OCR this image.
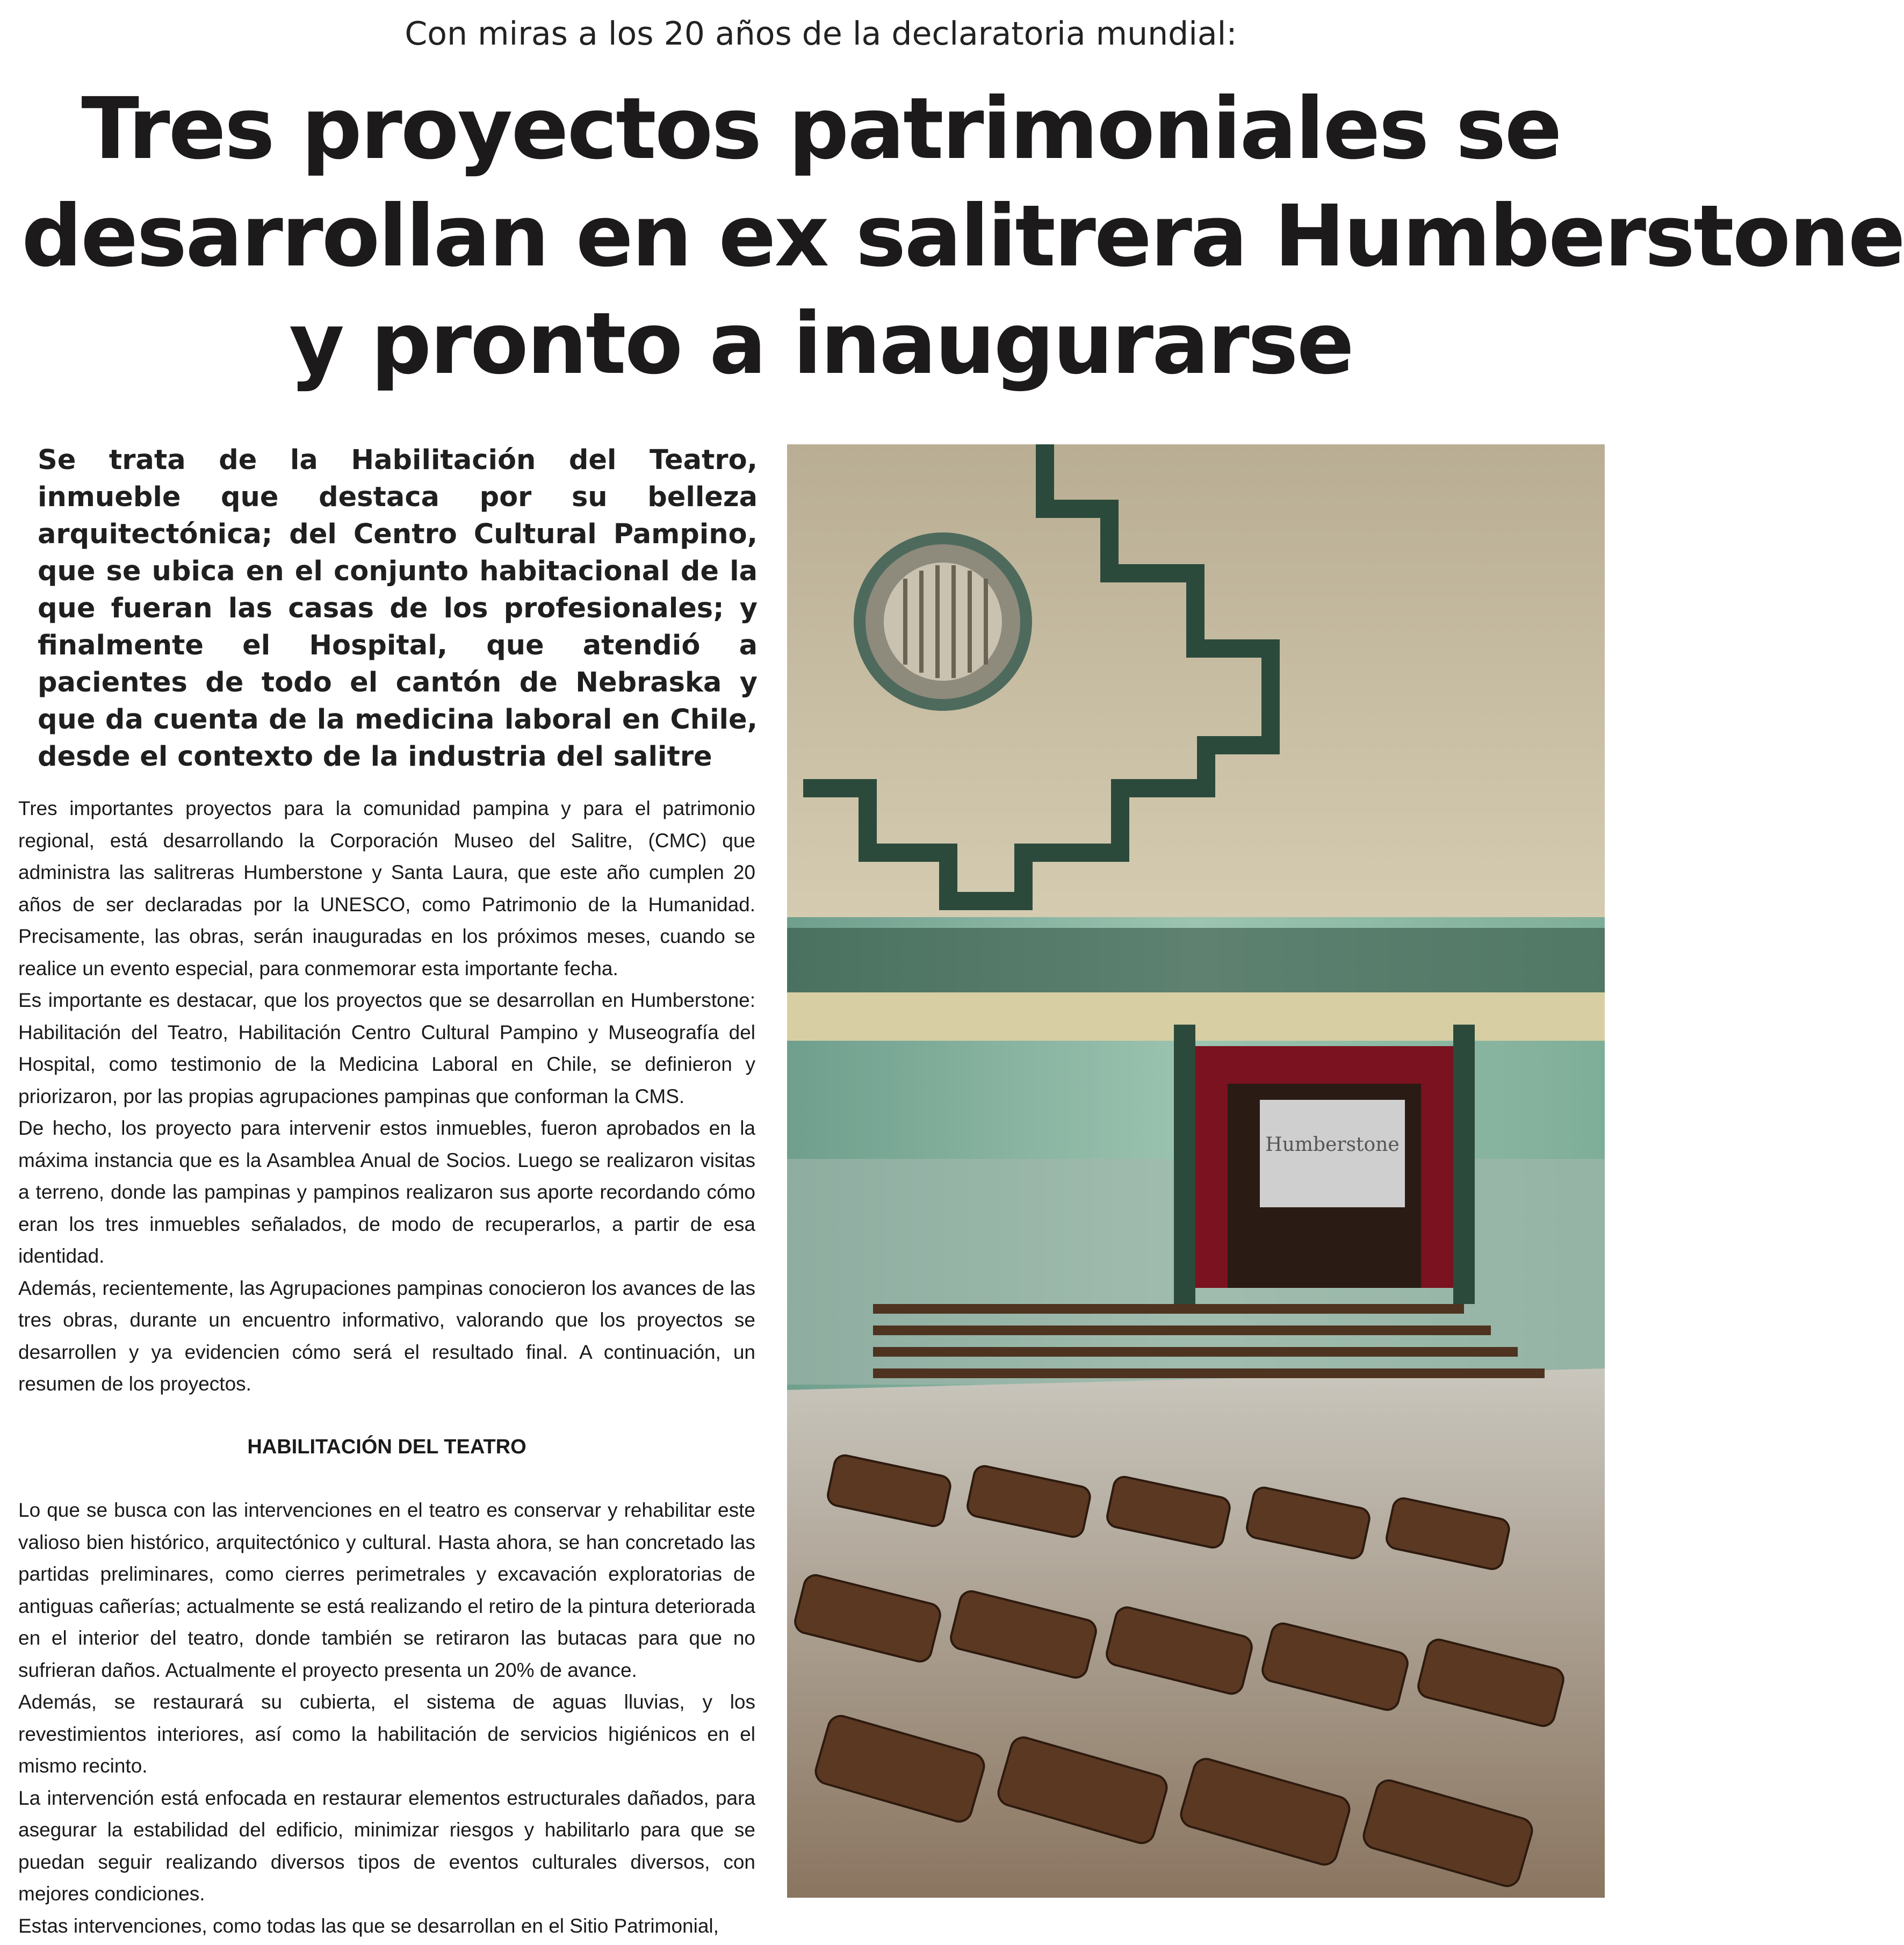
Con miras a los 20 años de la declaratoria mundial:
Tres proyectos patrimoniales se
desarrollan en ex salitrera Humberstone
y pronto a inaugurarse

Se trata de la Habilitación del Teatro, inmueble que destaca por su belleza arquitectónica; del Centro Cultural Pampino, que se ubica en el conjunto habitacional de la que fueran las casas de los profesionales; y finalmente el Hospital, que atendió a pacientes de todo el cantón de Nebraska y que da cuenta de la medicina laboral en Chile, desde el contexto de la industria del salitre

Tres importantes proyectos para la comunidad pampina y para el patrimonio regional, está desarrollando la Corporación Museo del Salitre, (CMC) que administra las salitreras Humberstone y Santa Laura, que este año cumplen 20 años de ser declaradas por la UNESCO, como Patrimonio de la Humanidad. Precisamente, las obras, serán inauguradas en los próximos meses, cuando se realice un evento especial, para conmemorar esta importante fecha.

Es importante es destacar, que los proyectos que se desarrollan en Humberstone: Habilitación del Teatro, Habilitación Centro Cultural Pampino y Museografía del Hospital, como testimonio de la Medicina Laboral en Chile, se definieron y priorizaron, por las propias agrupaciones pampinas que conforman la CMS.

De hecho, los proyecto para intervenir estos inmuebles, fueron aprobados en la máxima instancia que es la Asamblea Anual de Socios. Luego se realizaron visitas a terreno, donde las pampinas y pampinos realizaron sus aporte recordando cómo eran los tres inmuebles señalados, de modo de recuperarlos, a partir de esa identidad.

Además, recientemente, las Agrupaciones pampinas conocieron los avances de las tres obras, durante un encuentro informativo, valorando que los proyectos se desarrollen y ya evidencien cómo será el resultado final. A continuación, un resumen de los proyectos.

HABILITACIÓN DEL TEATRO

Lo que se busca con las intervenciones en el teatro es conservar y rehabilitar este valioso bien histórico, arquitectónico y cultural. Hasta ahora, se han concretado las partidas preliminares, como cierres perimetrales y excavación exploratorias de antiguas cañerías; actualmente se está realizando el retiro de la pintura deteriorada en el interior del teatro, donde también se retiraron las butacas para que no sufrieran daños. Actualmente el proyecto presenta un 20% de avance.

Además, se restaurará su cubierta, el sistema de aguas lluvias, y los revestimientos interiores, así como la habilitación de servicios higiénicos en el mismo recinto.

La intervención está enfocada en restaurar elementos estructurales dañados, para asegurar la estabilidad del edificio, minimizar riesgos y habilitarlo para que se puedan seguir realizando diversos tipos de eventos culturales diversos, con mejores condiciones.

Estas intervenciones, como todas las que se desarrollan en el Sitio Patrimonial,

Humberstone
